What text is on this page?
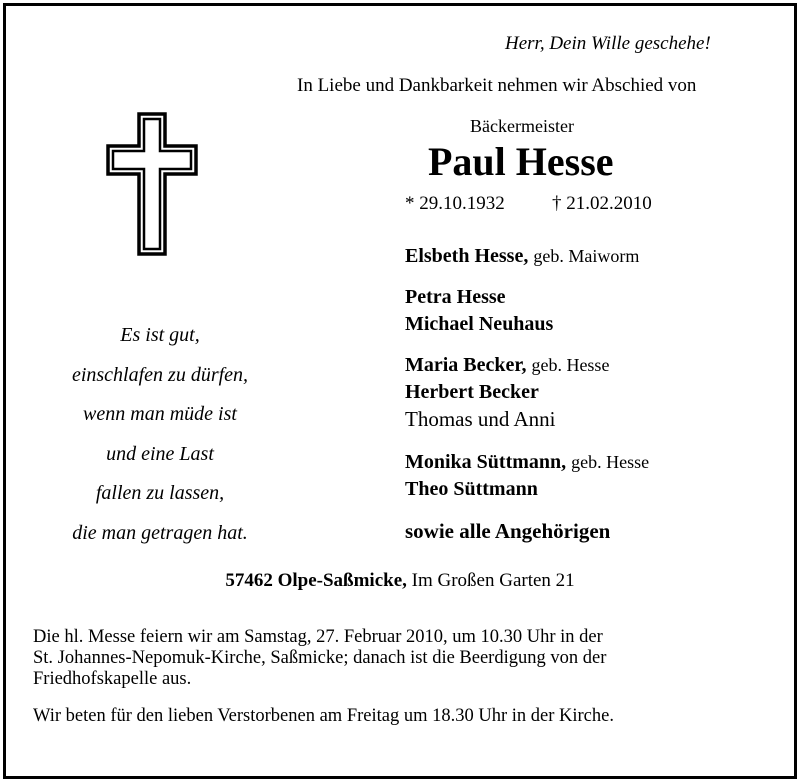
Herr, Dein Wille geschehe!
In Liebe und Dankbarkeit nehmen wir Abschied von
Bäckermeister
Paul Hesse
* 29.10.1932 † 21.02.2010
Es ist gut,
einschlafen zu dürfen,
wenn man müde ist
und eine Last
fallen zu lassen,
die man getragen hat.
Elsbeth Hesse, geb. Maiworm
Petra Hesse
Michael Neuhaus
Maria Becker, geb. Hesse
Herbert Becker
Thomas und Anni
Monika Süttmann, geb. Hesse
Theo Süttmann
sowie alle Angehörigen
57462 Olpe-Saßmicke, Im Großen Garten 21
Die hl. Messe feiern wir am Samstag, 27. Februar 2010, um 10.30 Uhr in der
St. Johannes-Nepomuk-Kirche, Saßmicke; danach ist die Beerdigung von der
Friedhofskapelle aus.
Wir beten für den lieben Verstorbenen am Freitag um 18.30 Uhr in der Kirche.
